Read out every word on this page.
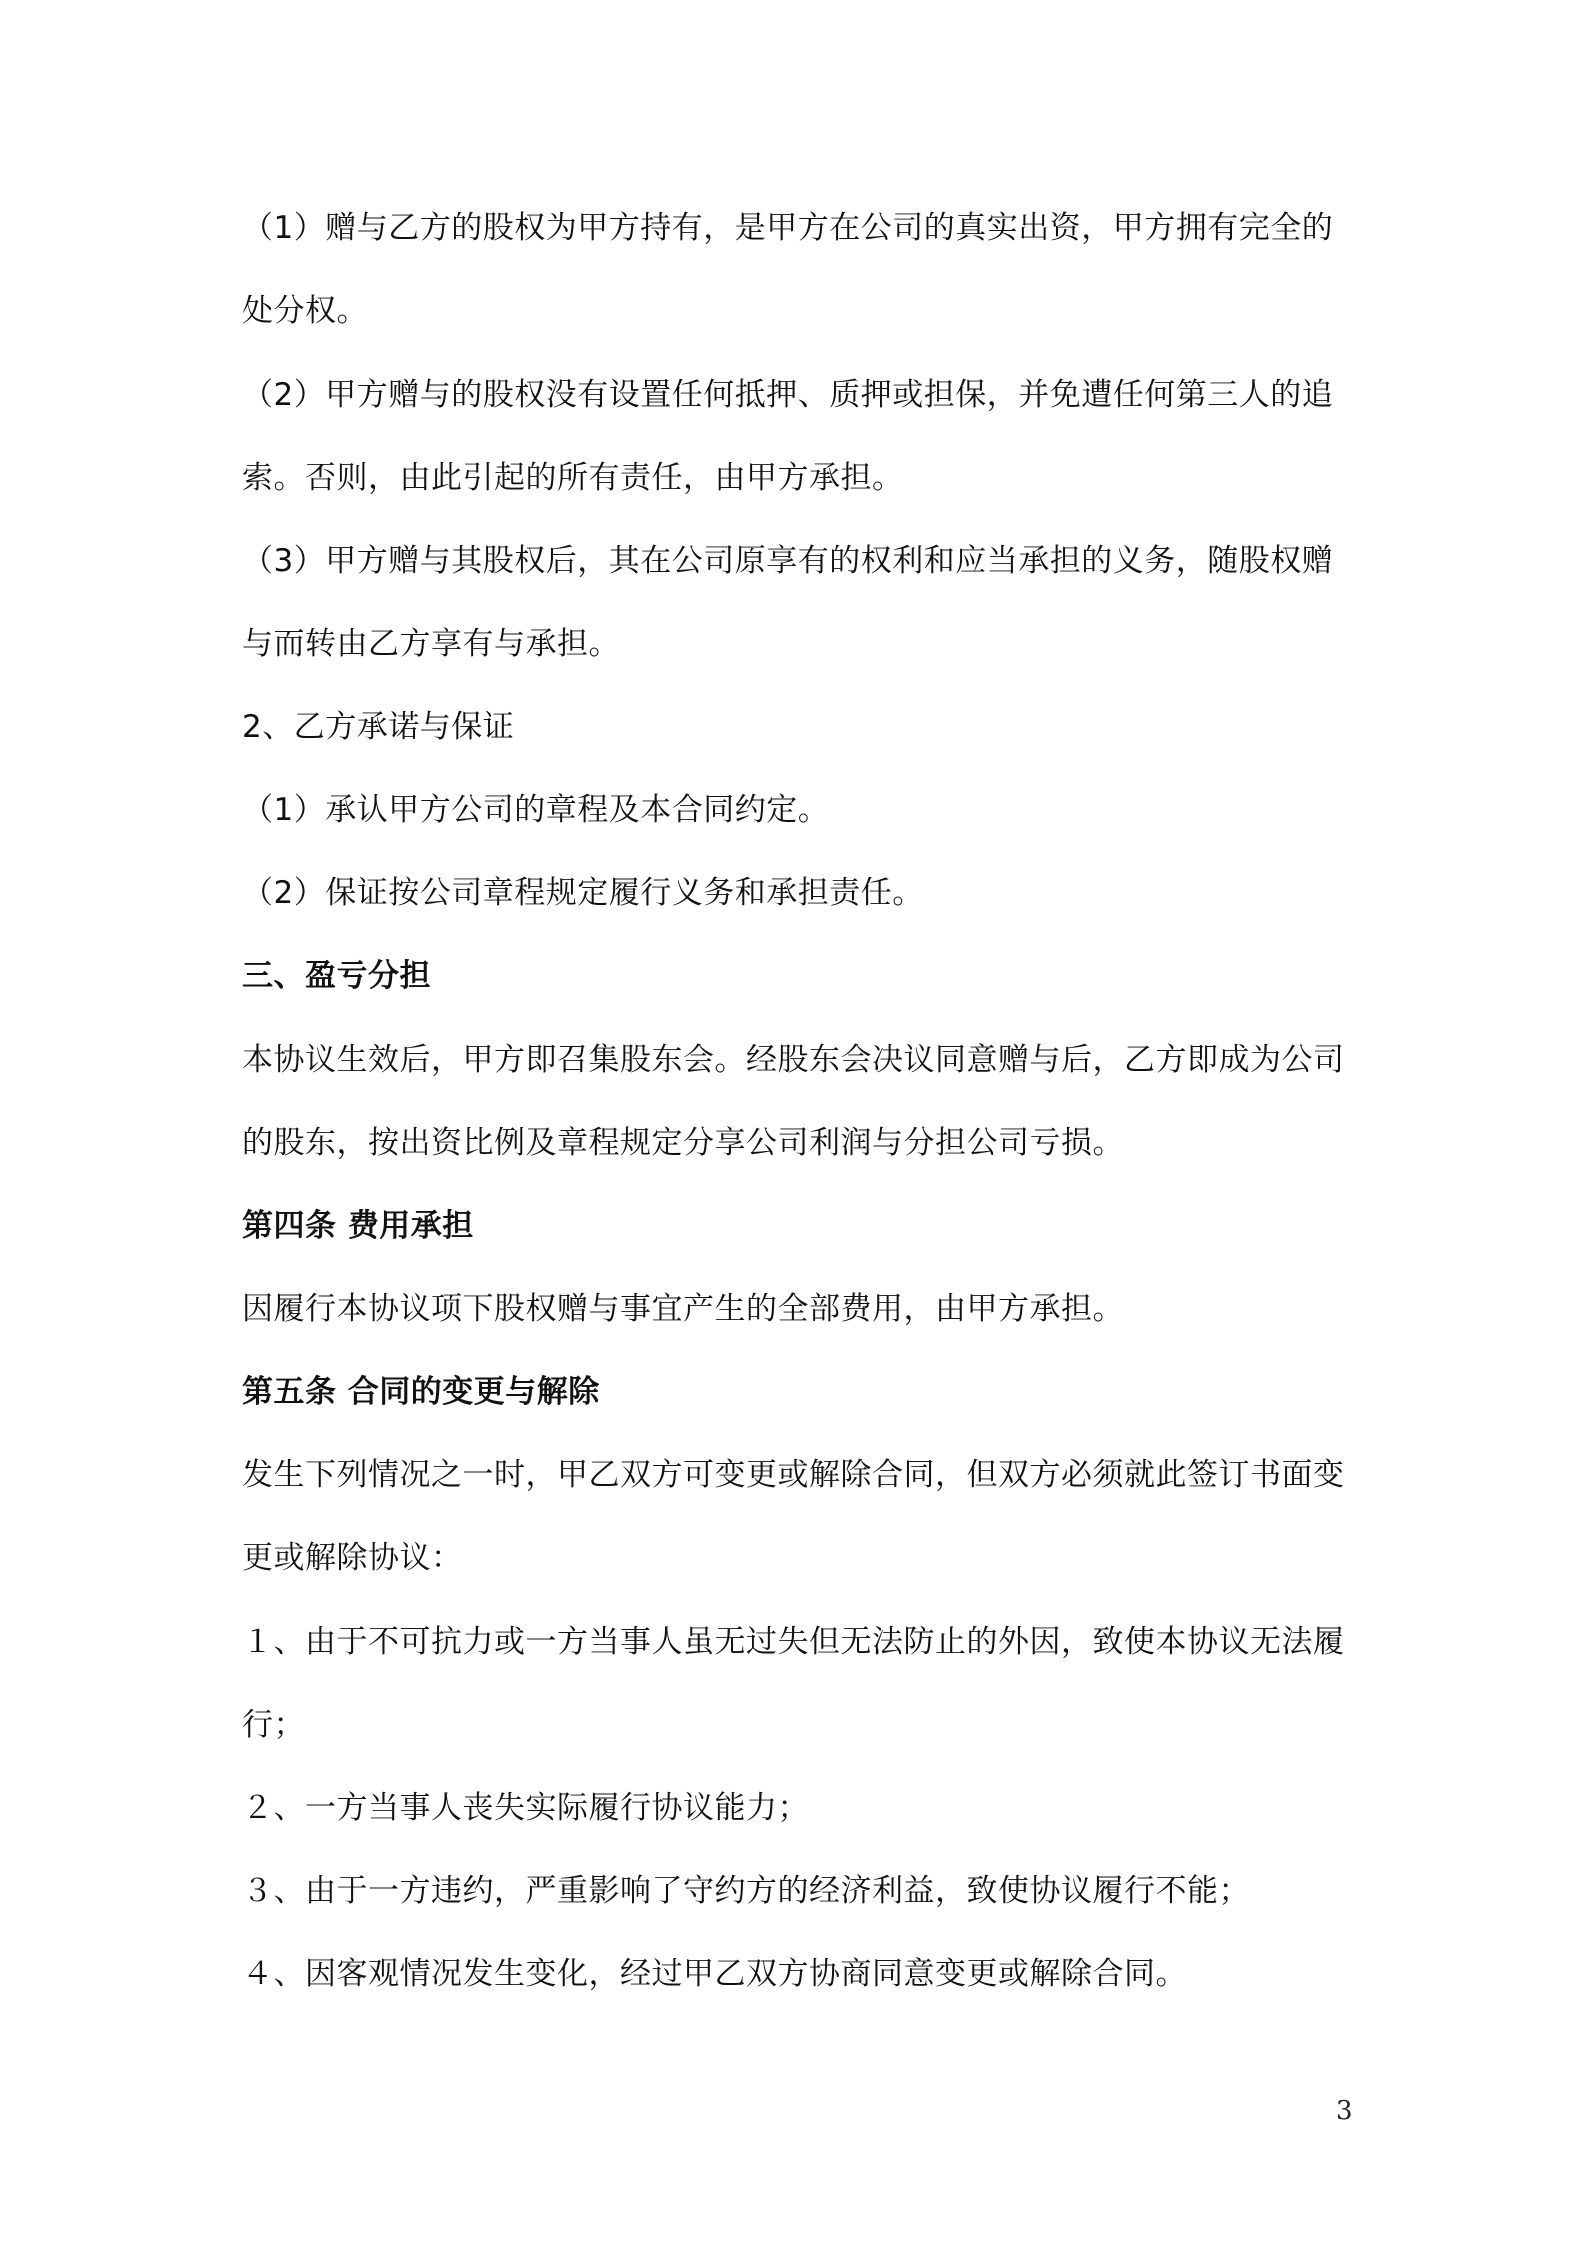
（1）赠与乙方的股权为甲方持有，是甲方在公司的真实出资，甲方拥有完全的

处分权。

（2）甲方赠与的股权没有设置任何抵押、质押或担保，并免遭任何第三人的追

索。否则，由此引起的所有责任，由甲方承担。

（3）甲方赠与其股权后，其在公司原享有的权利和应当承担的义务，随股权赠

与而转由乙方享有与承担。

2、乙方承诺与保证

（1）承认甲方公司的章程及本合同约定。

（2）保证按公司章程规定履行义务和承担责任。

三、盈亏分担

本协议生效后，甲方即召集股东会。经股东会决议同意赠与后，乙方即成为公司

的股东，按出资比例及章程规定分享公司利润与分担公司亏损。

第四条 费用承担

因履行本协议项下股权赠与事宜产生的全部费用，由甲方承担。

第五条 合同的变更与解除

发生下列情况之一时，甲乙双方可变更或解除合同，但双方必须就此签订书面变

更或解除协议：

１、由于不可抗力或一方当事人虽无过失但无法防止的外因，致使本协议无法履

行；

２、一方当事人丧失实际履行协议能力；

３、由于一方违约，严重影响了守约方的经济利益，致使协议履行不能；

４、因客观情况发生变化，经过甲乙双方协商同意变更或解除合同。

3
